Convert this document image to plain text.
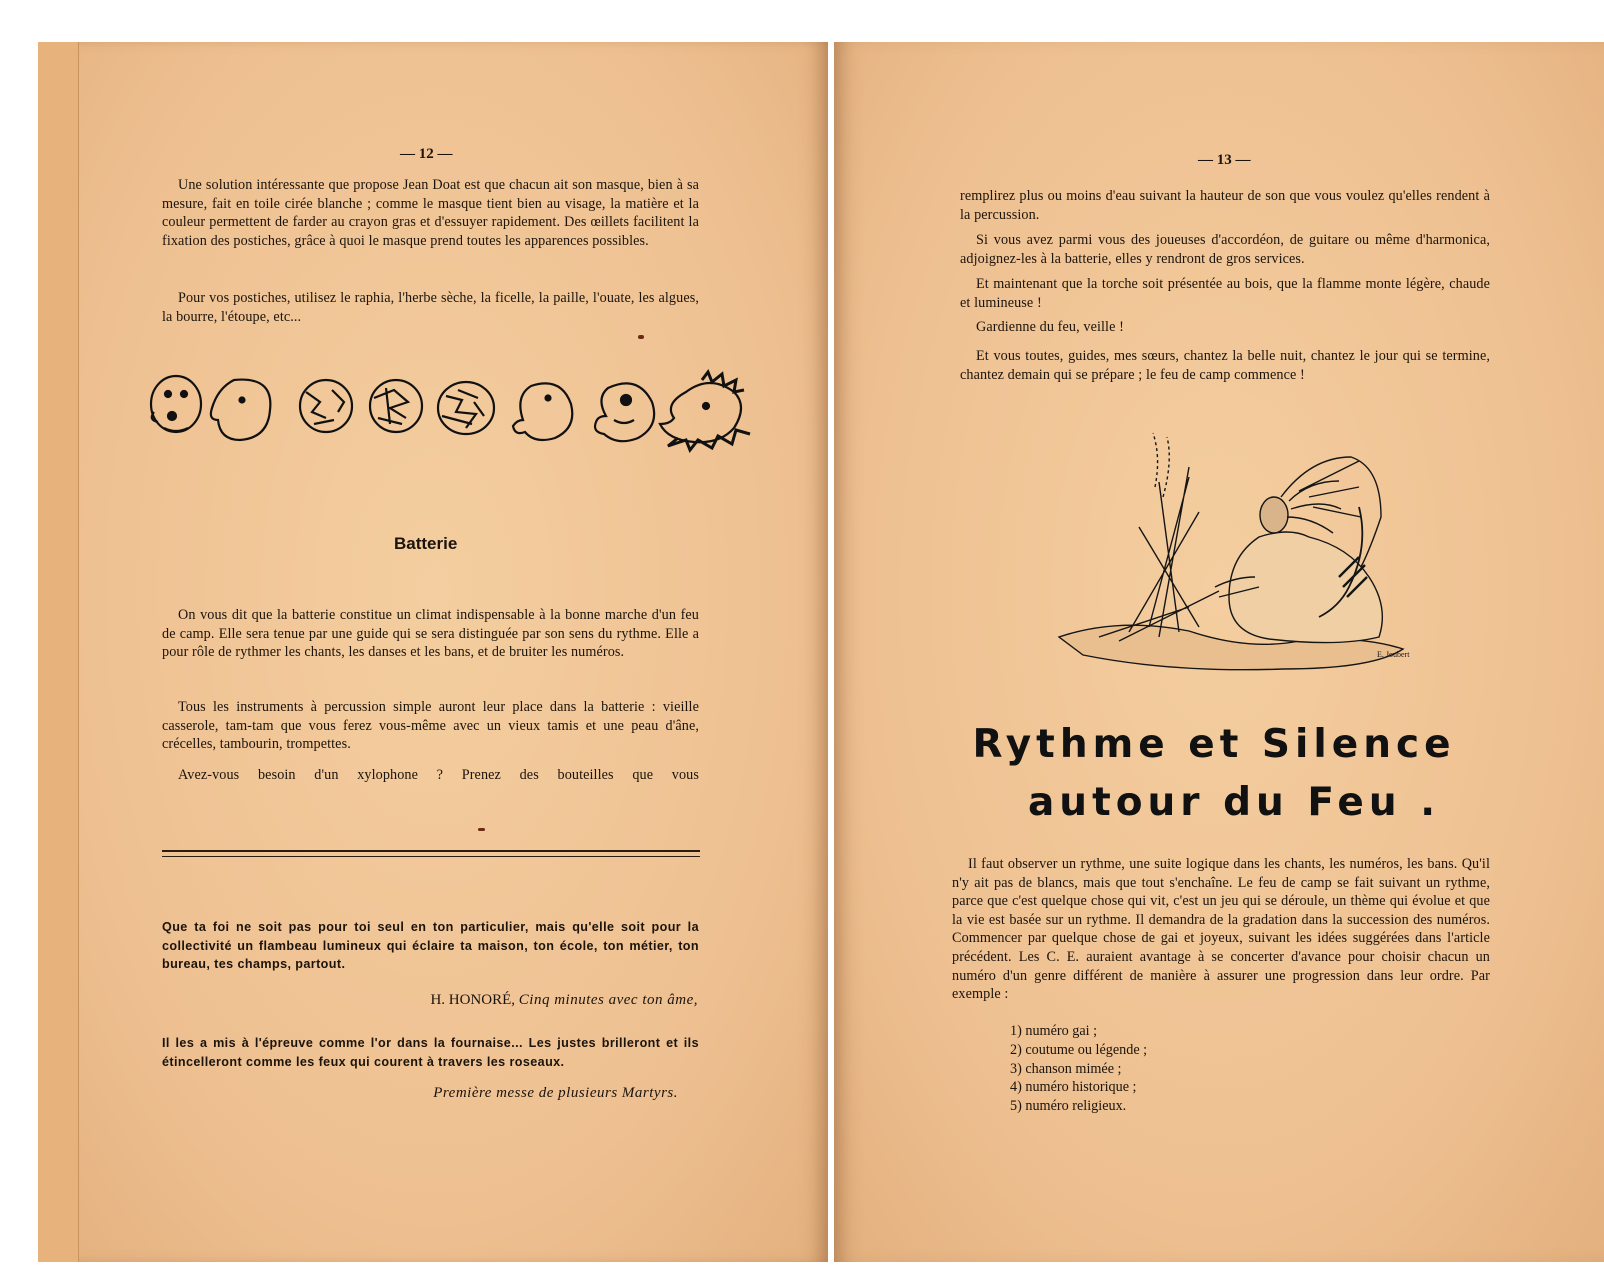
— 12 —

Une solution intéressante que propose Jean Doat est que chacun ait son masque, bien à sa mesure, fait en toile cirée blanche ; comme le masque tient bien au visage, la matière et la couleur permettent de farder au crayon gras et d'essuyer rapidement. Des œillets facilitent la fixation des postiches, grâce à quoi le masque prend toutes les apparences possibles.

Pour vos postiches, utilisez le raphia, l'herbe sèche, la ficelle, la paille, l'ouate, les algues, la bourre, l'étoupe, etc...

Batterie

On vous dit que la batterie constitue un climat indispensable à la bonne marche d'un feu de camp. Elle sera tenue par une guide qui se sera distinguée par son sens du rythme. Elle a pour rôle de rythmer les chants, les danses et les bans, et de bruiter les numéros.

Tous les instruments à percussion simple auront leur place dans la batterie : vieille casserole, tam-tam que vous ferez vous-même avec un vieux tamis et une peau d'âne, crécelles, tambourin, trompettes.

Avez-vous besoin d'un xylophone ? Prenez des bouteilles que vous

Que ta foi ne soit pas pour toi seul en ton particulier, mais qu'elle soit pour la collectivité un flambeau lumineux qui éclaire ta maison, ton école, ton métier, ton bureau, tes champs, partout.

H. HONORÉ, Cinq minutes avec ton âme,

Il les a mis à l'épreuve comme l'or dans la fournaise... Les justes brilleront et ils étincelleront comme les feux qui courent à travers les roseaux.

Première messe de plusieurs Martyrs.
— 13 —

remplirez plus ou moins d'eau suivant la hauteur de son que vous voulez qu'elles rendent à la percussion.

Si vous avez parmi vous des joueuses d'accordéon, de guitare ou même d'harmonica, adjoignez-les à la batterie, elles y rendront de gros services.

Et maintenant que la torche soit présentée au bois, que la flamme monte légère, chaude et lumineuse !

Gardienne du feu, veille !

Et vous toutes, guides, mes sœurs, chantez la belle nuit, chantez le jour qui se termine, chantez demain qui se prépare ; le feu de camp commence !

E. Joubert
Rythme et Silence
autour du Feu .

Il faut observer un rythme, une suite logique dans les chants, les numéros, les bans. Qu'il n'y ait pas de blancs, mais que tout s'enchaîne. Le feu de camp se fait suivant un rythme, parce que c'est quelque chose qui vit, c'est un jeu qui se déroule, un thème qui évolue et que la vie est basée sur un rythme. Il demandra de la gradation dans la succession des numéros. Commencer par quelque chose de gai et joyeux, suivant les idées suggérées dans l'article précédent. Les C. E. auraient avantage à se concerter d'avance pour choisir chacun un numéro d'un genre différent de manière à assurer une progression dans leur ordre. Par exemple :

1) numéro gai ;
2) coutume ou légende ;
3) chanson mimée ;
4) numéro historique ;
5) numéro religieux.
